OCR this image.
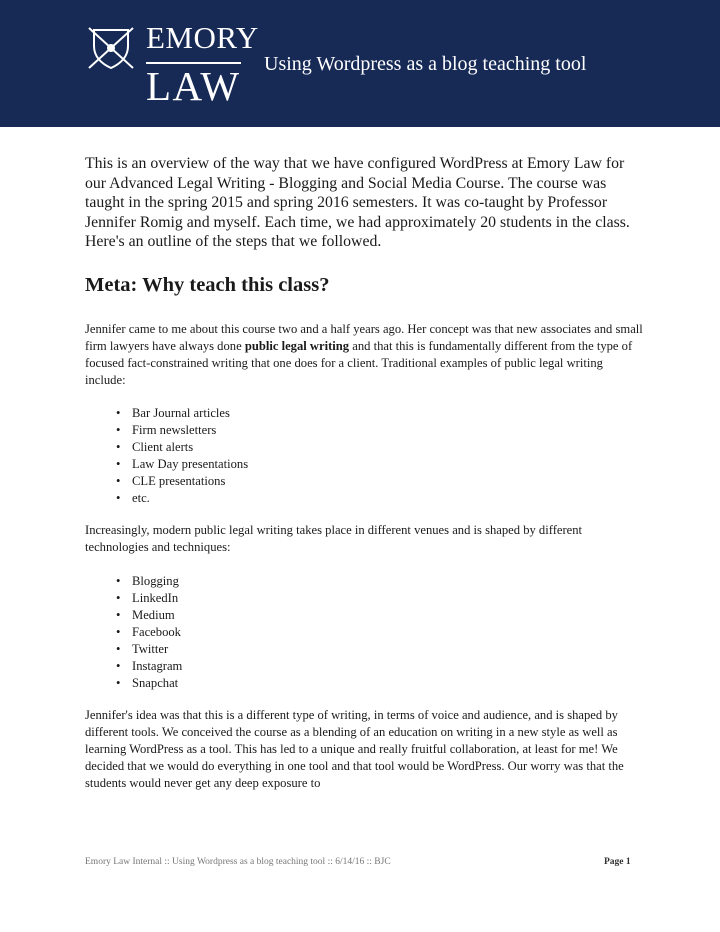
EMORY
LAW Using Wordpress as a blog teaching tool

This is an overview of the way that we have configured WordPress at Emory Law for our Advanced Legal Writing - Blogging and Social Media Course. The course was taught in the spring 2015 and spring 2016 semesters. It was co-taught by Professor Jennifer Romig and myself. Each time, we had approximately 20 students in the class. Here's an outline of the steps that we followed.

Meta: Why teach this class?

Jennifer came to me about this course two and a half years ago. Her concept was that new associates and small firm lawyers have always done public legal writing and that this is fundamentally different from the type of focused fact-constrained writing that one does for a client. Traditional examples of public legal writing include:

• Bar Journal articles
• Firm newsletters
• Client alerts
• Law Day presentations
• CLE presentations
• etc.

Increasingly, modern public legal writing takes place in different venues and is shaped by different technologies and techniques:

• Blogging
• LinkedIn
• Medium
• Facebook
• Twitter
• Instagram
• Snapchat

Jennifer's idea was that this is a different type of writing, in terms of voice and audience, and is shaped by different tools. We conceived the course as a blending of an education on writing in a new style as well as learning WordPress as a tool. This has led to a unique and really fruitful collaboration, at least for me! We decided that we would do everything in one tool and that tool would be WordPress. Our worry was that the students would never get any deep exposure to

Emory Law Internal :: Using Wordpress as a blog teaching tool :: 6/14/16 :: BJC	Page 1
